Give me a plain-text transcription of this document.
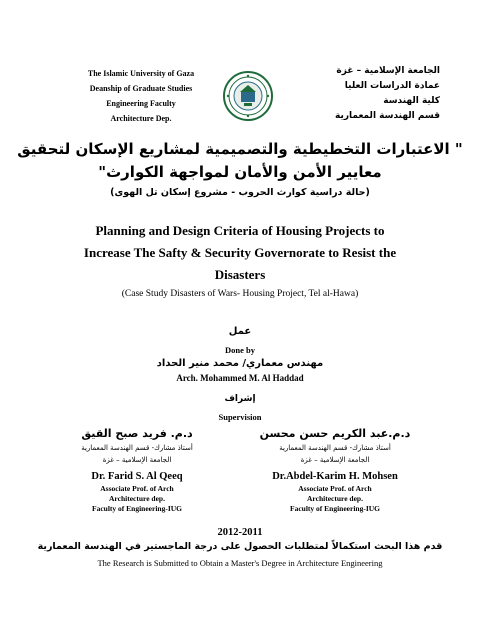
The Islamic University of Gaza
Deanship of Graduate Studies
Engineering Faculty
Architecture Dep.
الجامعة الإسلامية – غزة
عمادة الدراسات العليا
كلية الهندسة
قسم الهندسة المعمارية
" الاعتبارات التخطيطية والتصميمية لمشاريع الإسكان لتحقيق
معايير الأمن والأمان لمواجهة الكوارث"
(حالة دراسية كوارث الحروب - مشروع إسكان تل الهوى)
Planning and Design Criteria of Housing Projects to
Increase The Safty & Security Governorate to Resist the
Disasters
(Case Study Disasters of Wars- Housing Project, Tel al-Hawa)
عمل
Done by
مهندس معماري/ محمد منير الحداد
Arch. Mohammed M. Al Haddad
إشراف
Supervision
د.م.عبد الكريم حسن محسن
أستاذ مشارك- قسم الهندسة المعمارية
الجامعة الإسلامية – غزة
Dr.Abdel-Karim H. Mohsen
Associate Prof. of Arch
Architecture dep.
Faculty of Engineering-IUG
د.م. فريد صبح القيق
أستاذ مشارك- قسم الهندسة المعمارية
الجامعة الإسلامية – غزة
Dr. Farid S. Al Qeeq
Associate Prof. of Arch
Architecture dep.
Faculty of Engineering-IUG
2012-2011
قدم هذا البحث استكمالاً لمتطلبات الحصول على درجة الماجستير في الهندسة المعمارية
The Research is Submitted to Obtain a Master's Degree in Architecture Engineering
